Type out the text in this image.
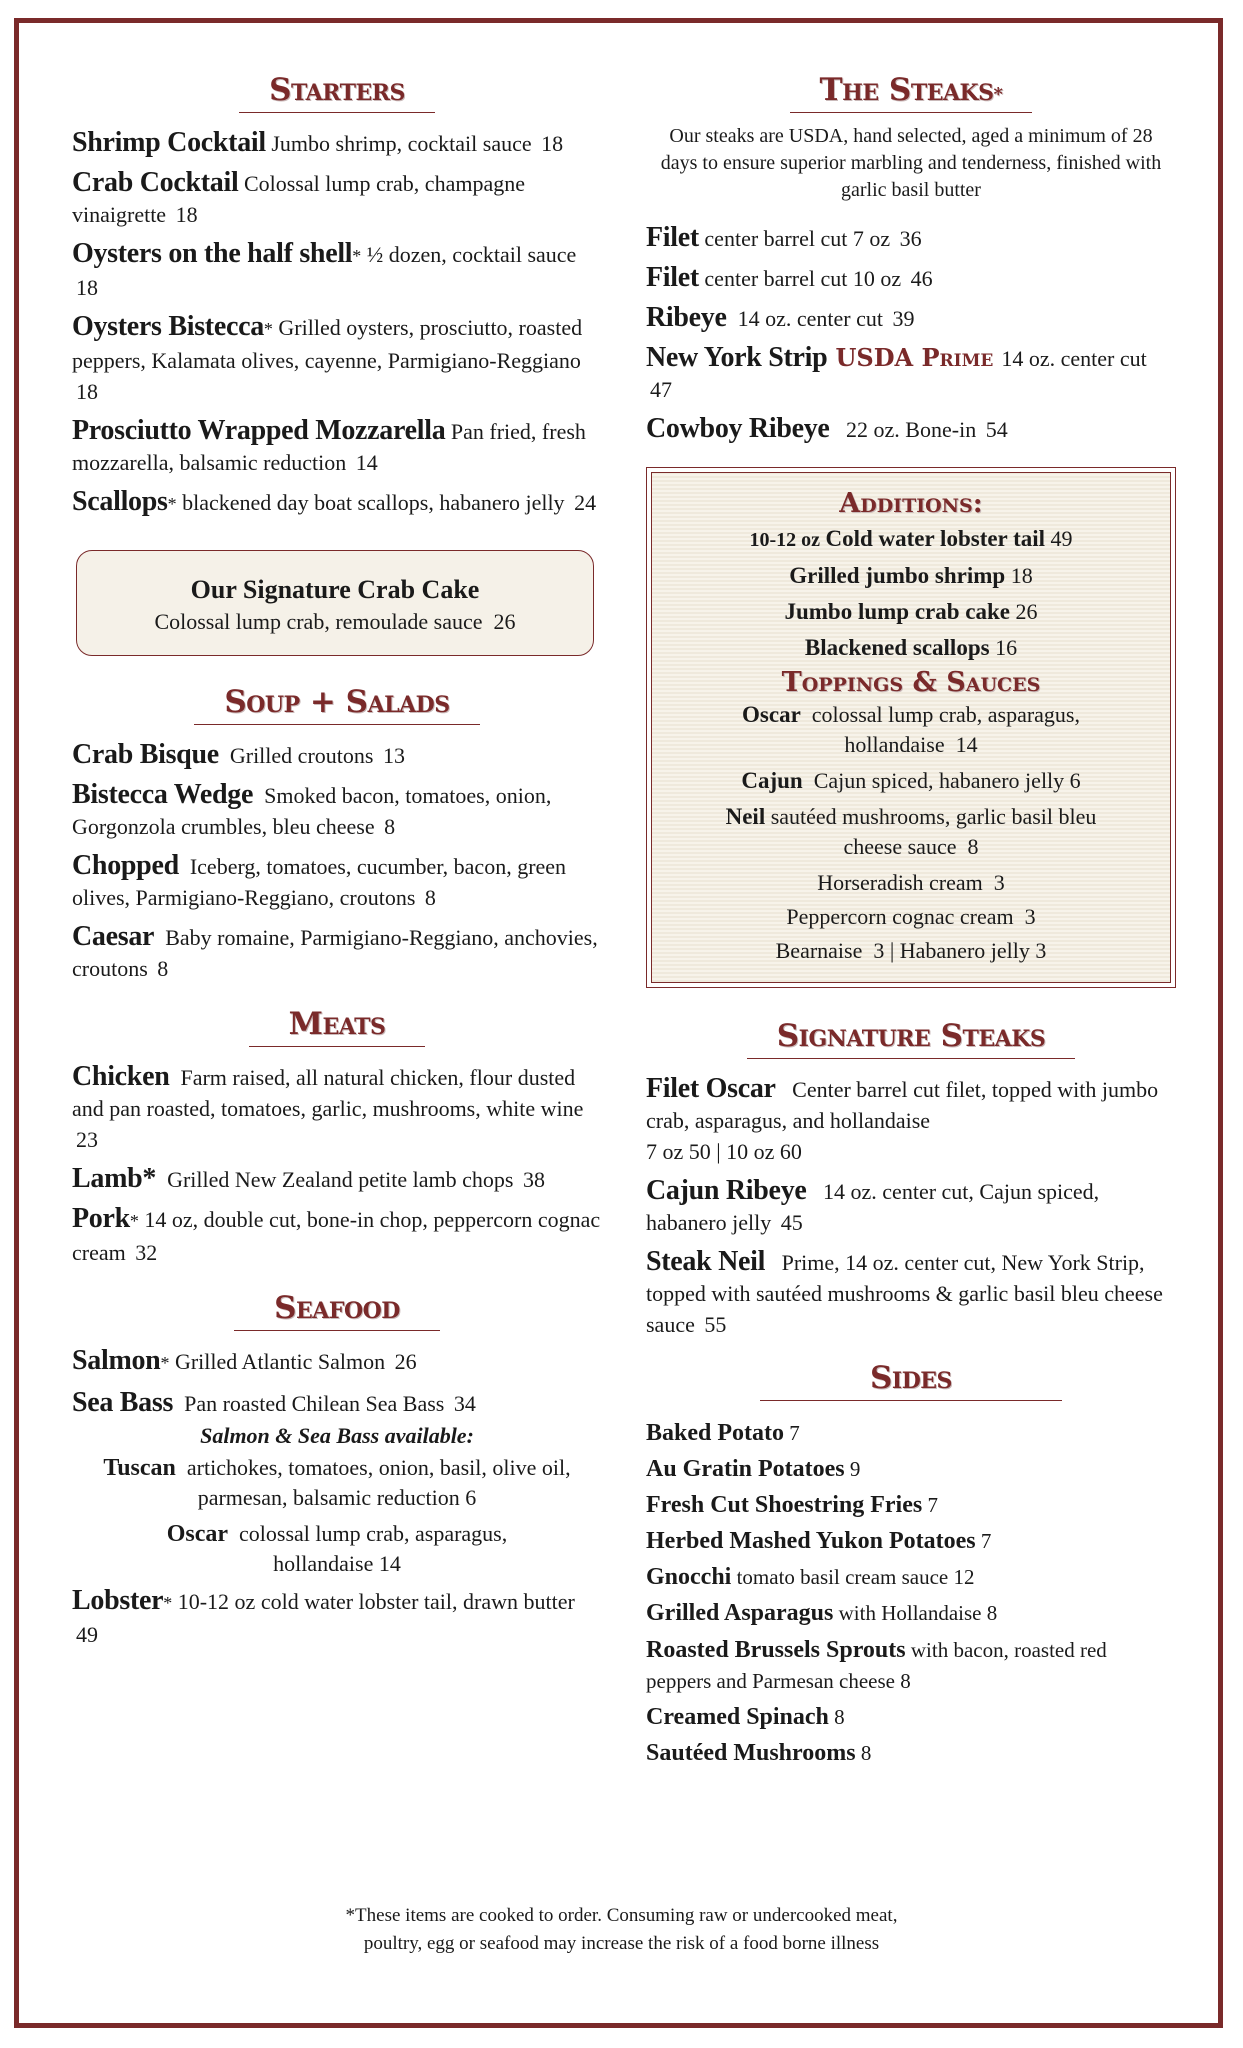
Starters
Shrimp Cocktail Jumbo shrimp, cocktail sauce 18
Crab Cocktail Colossal lump crab, champagne vinaigrette 18
Oysters on the half shell* ½ dozen, cocktail sauce 18
Oysters Bistecca* Grilled oysters, prosciutto, roasted peppers, Kalamata olives, cayenne, Parmigiano-Reggiano 18
Prosciutto Wrapped Mozzarella Pan fried, fresh mozzarella, balsamic reduction 14
Scallops* blackened day boat scallops, habanero jelly 24
Our Signature Crab Cake
Colossal lump crab, remoulade sauce 26
Soup + Salads
Crab Bisque Grilled croutons 13
Bistecca Wedge Smoked bacon, tomatoes, onion, Gorgonzola crumbles, bleu cheese 8
Chopped Iceberg, tomatoes, cucumber, bacon, green olives, Parmigiano-Reggiano, croutons 8
Caesar Baby romaine, Parmigiano-Reggiano, anchovies, croutons 8
Meats
Chicken Farm raised, all natural chicken, flour dusted and pan roasted, tomatoes, garlic, mushrooms, white wine 23
Lamb* Grilled New Zealand petite lamb chops 38
Pork* 14 oz, double cut, bone-in chop, peppercorn cognac cream 32
Seafood
Salmon* Grilled Atlantic Salmon 26
Sea Bass Pan roasted Chilean Sea Bass 34
Salmon & Sea Bass available:
Tuscan artichokes, tomatoes, onion, basil, olive oil, parmesan, balsamic reduction 6
Oscar colossal lump crab, asparagus, hollandaise 14
Lobster* 10-12 oz cold water lobster tail, drawn butter 49
The Steaks*
Our steaks are USDA, hand selected, aged a minimum of 28 days to ensure superior marbling and tenderness, finished with garlic basil butter
Filet center barrel cut 7 oz 36
Filet center barrel cut 10 oz 46
Ribeye 14 oz. center cut 39
New York Strip USDA Prime 14 oz. center cut 47
Cowboy Ribeye 22 oz. Bone-in 54
Additions:
10-12 oz Cold water lobster tail 49
Grilled jumbo shrimp 18
Jumbo lump crab cake 26
Blackened scallops 16
Toppings & Sauces
Oscar colossal lump crab, asparagus, hollandaise 14
Cajun Cajun spiced, habanero jelly 6
Neil sautéed mushrooms, garlic basil bleu cheese sauce 8
Horseradish cream 3
Peppercorn cognac cream 3
Bearnaise 3 | Habanero jelly 3
Signature Steaks
Filet Oscar Center barrel cut filet, topped with jumbo crab, asparagus, and hollandaise
7 oz 50 | 10 oz 60
Cajun Ribeye 14 oz. center cut, Cajun spiced, habanero jelly 45
Steak Neil Prime, 14 oz. center cut, New York Strip, topped with sautéed mushrooms & garlic basil bleu cheese sauce 55
Sides
Baked Potato 7
Au Gratin Potatoes 9
Fresh Cut Shoestring Fries 7
Herbed Mashed Yukon Potatoes 7
Gnocchi tomato basil cream sauce 12
Grilled Asparagus with Hollandaise 8
Roasted Brussels Sprouts with bacon, roasted red peppers and Parmesan cheese 8
Creamed Spinach 8
Sautéed Mushrooms 8
*These items are cooked to order. Consuming raw or undercooked meat,
poultry, egg or seafood may increase the risk of a food borne illness
